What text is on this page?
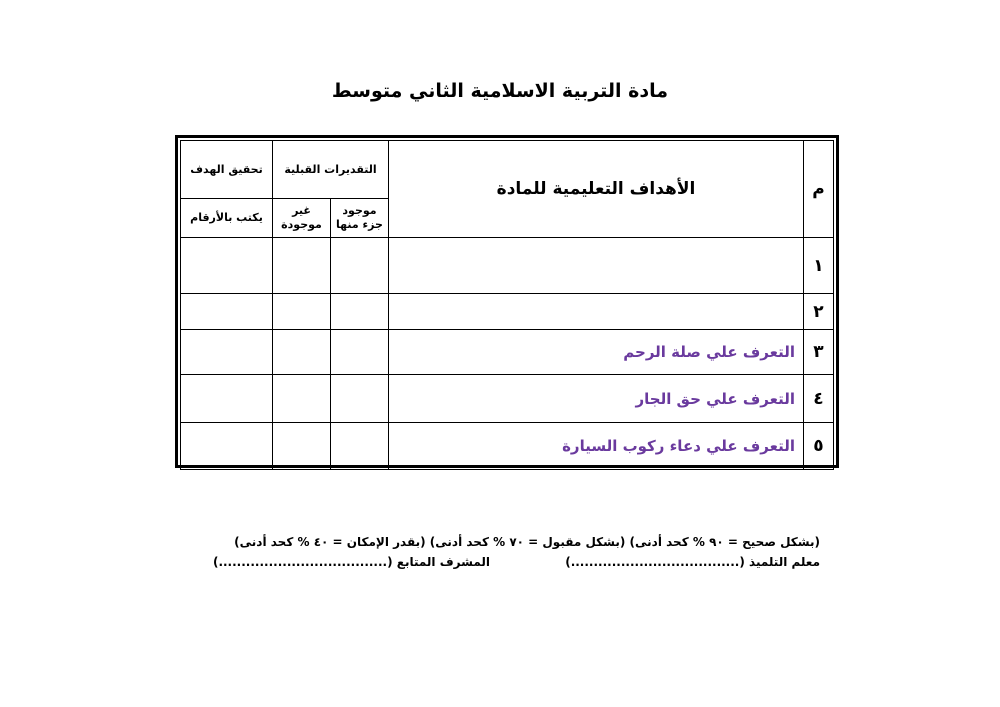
مادة التربية الاسلامية الثاني متوسط
م	الأهداف التعليمية للمادة	التقديرات القبلية		تحقيق الهدف
		موجود جزء منها	غير موجودة	يكتب بالأرقام
١				
٢				
٣	التعرف علي صلة الرحم			
٤	التعرف علي حق الجار			
٥	التعرف علي دعاء ركوب السيارة			
(بشكل صحيح = ٩٠ % كحد أدنى) (بشكل مقبول = ٧٠ % كحد أدنى) (بقدر الإمكان = ٤٠ % كحد أدنى)
معلم التلميذ (.....................................)
المشرف المتابع (.....................................)
